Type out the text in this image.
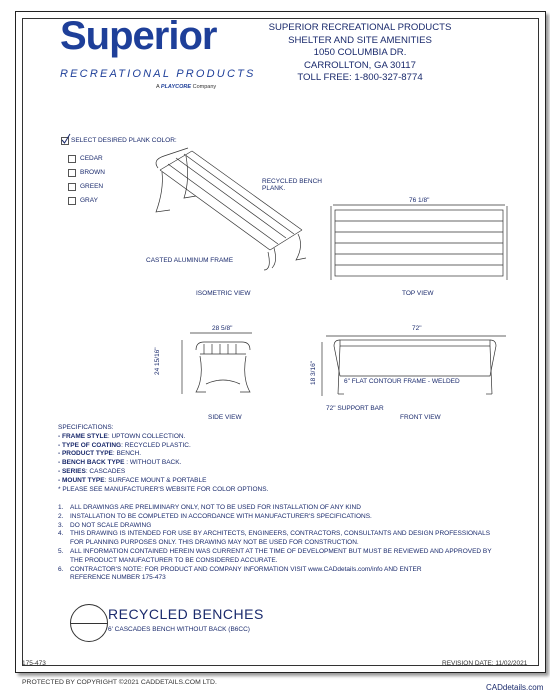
Superior
RECREATIONAL PRODUCTS
A PLAYCORE Company
SUPERIOR RECREATIONAL PRODUCTS
SHELTER AND SITE AMENITIES
1050 COLUMBIA DR.
CARROLLTON, GA 30117
TOLL FREE: 1-800-327-8774
SELECT DESIRED PLANK COLOR:
CEDAR
BROWN
GREEN
GRAY
RECYCLED BENCH
PLANK.
CASTED ALUMINUM FRAME
ISOMETRIC VIEW	TOP VIEW
SIDE VIEW	FRONT VIEW
6" FLAT CONTOUR FRAME - WELDED
72" SUPPORT BAR
76 1/8"
28 5/8"
24 15/16"
72"
18 3/16"
SPECIFICATIONS:
- FRAME STYLE: UPTOWN COLLECTION.
- TYPE OF COATING: RECYCLED PLASTIC.
- PRODUCT TYPE: BENCH.
- BENCH BACK TYPE : WITHOUT BACK.
- SERIES: CASCADES
- MOUNT TYPE: SURFACE MOUNT & PORTABLE
* PLEASE SEE MANUFACTURER'S WEBSITE FOR COLOR OPTIONS.
1.	ALL DRAWINGS ARE PRELIMINARY ONLY, NOT TO BE USED FOR INSTALLATION OF ANY KIND
2.	INSTALLATION TO BE COMPLETED IN ACCORDANCE WITH MANUFACTURER'S SPECIFICATIONS.
3.	DO NOT SCALE DRAWING
4.	THIS DRAWING IS INTENDED FOR USE BY ARCHITECTS, ENGINEERS, CONTRACTORS, CONSULTANTS AND DESIGN PROFESSIONALS
FOR PLANNING PURPOSES ONLY. THIS DRAWING MAY NOT BE USED FOR CONSTRUCTION.
5.	ALL INFORMATION CONTAINED HEREIN WAS CURRENT AT THE TIME OF DEVELOPMENT BUT MUST BE REVIEWED AND APPROVED BY
THE PRODUCT MANUFACTURER TO BE CONSIDERED ACCURATE.
6.	CONTRACTOR'S NOTE: FOR PRODUCT AND COMPANY INFORMATION VISIT www.CADdetails.com/info AND ENTER
REFERENCE NUMBER 175-473
RECYCLED BENCHES
6' CASCADES BENCH WITHOUT BACK (B6CC)
175-473	REVISION DATE: 11/02/2021
PROTECTED BY COPYRIGHT ©2021 CADDETAILS.COM LTD.
CADdetails.com
